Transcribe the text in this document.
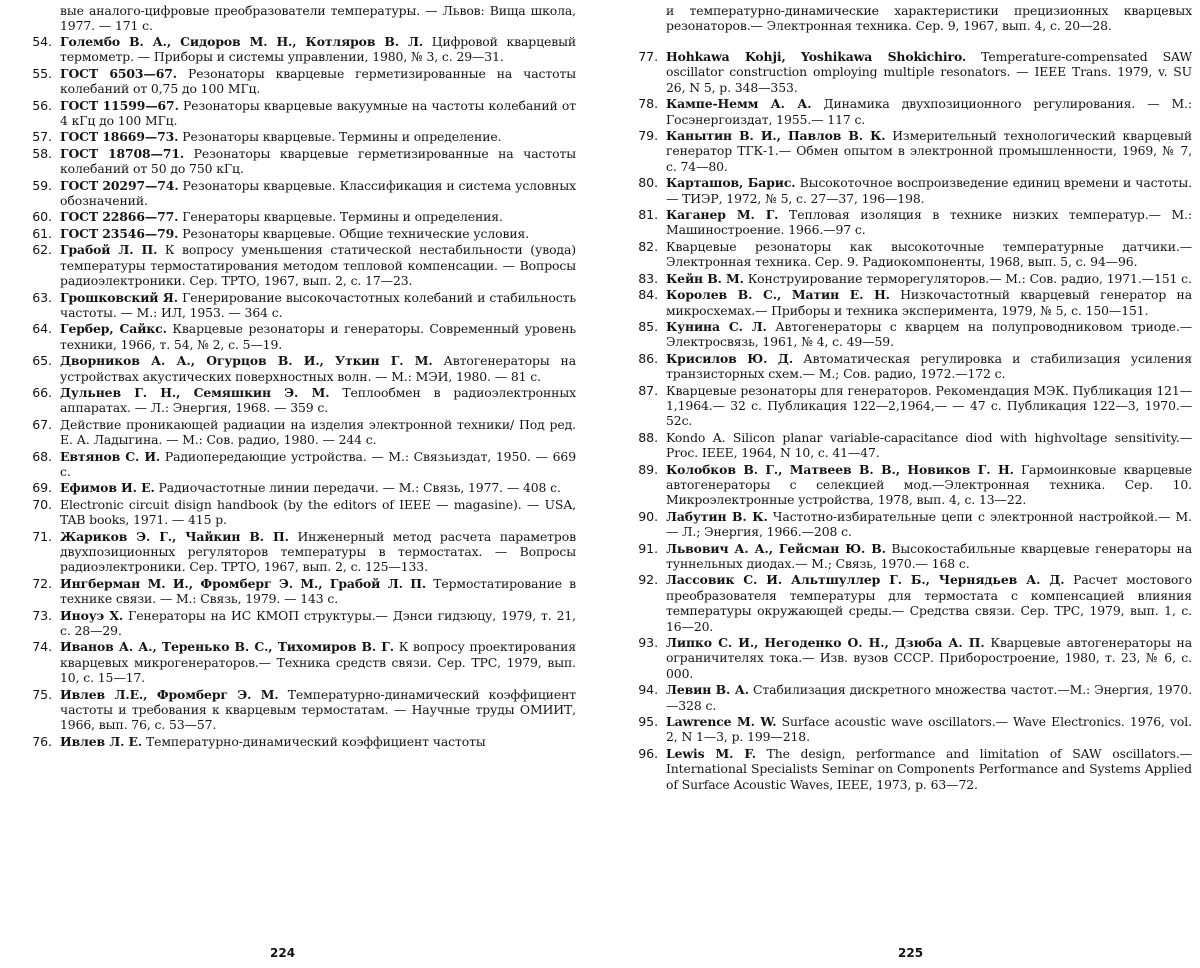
вые аналого-цифровые преобразователи температуры. — Львов: Вища школа, 1977. — 171 с.
54. Голембо В. А., Сидоров М. Н., Котляров В. Л. Цифровой кварцевый термометр. — Приборы и системы управлении, 1980, № 3, с. 29—31.
55. ГОСТ 6503—67. Резонаторы кварцевые герметизированные на частоты колебаний от 0,75 до 100 МГц.
56. ГОСТ 11599—67. Резонаторы кварцевые вакуумные на частоты колебаний от 4 кГц до 100 МГц.
57. ГОСТ 18669—73. Резонаторы кварцевые. Термины и определение.
58. ГОСТ 18708—71. Резонаторы кварцевые герметизированные на частоты колебаний от 50 до 750 кГц.
59. ГОСТ 20297—74. Резонаторы кварцевые. Классификация и система условных обозначений.
60. ГОСТ 22866—77. Генераторы кварцевые. Термины и определения.
61. ГОСТ 23546—79. Резонаторы кварцевые. Общие технические условия.
62. Грабой Л. П. К вопросу уменьшения статической нестабильности (увода) температуры термостатирования методом тепловой компенсации. — Вопросы радиоэлектроники. Сер. ТРТО, 1967, вып. 2, с. 17—23.
63. Грошковский Я. Генерирование высокочастотных колебаний и стабильность частоты. — М.: ИЛ, 1953. — 364 с.
64. Гербер, Сайкс. Кварцевые резонаторы и генераторы. Современный уровень техники, 1966, т. 54, № 2, с. 5—19.
65. Дворников А. А., Огурцов В. И., Уткин Г. М. Автогенераторы на устройствах акустических поверхностных волн. — М.: МЭИ, 1980. — 81 с.
66. Дульнев Г. Н., Семяшкин Э. М. Теплообмен в радиоэлектронных аппаратах. — Л.: Энергия, 1968. — 359 с.
67. Действие проникающей радиации на изделия электронной техники/ Под ред. Е. А. Ладыгина. — М.: Сов. радио, 1980. — 244 с.
68. Евтянов С. И. Радиопередающие устройства. — М.: Связьиздат, 1950. — 669 с.
69. Ефимов И. Е. Радиочастотные линии передачи. — М.: Связь, 1977. — 408 с.
70. Electronic circuit disign handbook (by the editors of IEEE — magasine). — USA, TAB books, 1971. — 415 p.
71. Жариков Э. Г., Чайкин В. П. Инженерный метод расчета параметров двухпозиционных регуляторов температуры в термостатах. — Вопросы радиоэлектроники. Сер. ТРТО, 1967, вып. 2, с. 125—133.
72. Ингберман М. И., Фромберг Э. М., Грабой Л. П. Термостатирование в технике связи. — М.: Связь, 1979. — 143 с.
73. Иноуэ Х. Генераторы на ИС КМОП структуры.— Дэнси гидзюцу, 1979, т. 21, с. 28—29.
74. Иванов А. А., Теренько В. С., Тихомиров В. Г. К вопросу проектирования кварцевых микрогенераторов.— Техника средств связи. Сер. ТРС, 1979, вып. 10, с. 15—17.
75. Ивлев Л.Е., Фромберг Э. М. Температурно-динамический коэффициент частоты и требования к кварцевым термостатам. — Научные труды ОМИИТ, 1966, вып. 76, с. 53—57.
76. Ивлев Л. Е. Температурно-динамический коэффициент частоты
224
и температурно-динамические характеристики прецизионных кварцевых резонаторов.— Электронная техника. Сер. 9, 1967, вып. 4, с. 20—28.
77. Hohkawa Kohji, Yoshikawa Shokichiro. Temperature-compensated SAW oscillator construction omploying multiple resonators. — IEEE Trans. 1979, v. SU 26, N 5, p. 348—353.
78. Кампе-Немм А. А. Динамика двухпозиционного регулирования. — М.: Госэнергоиздат, 1955.— 117 с.
79. Канытин В. И., Павлов В. К. Измерительный технологический кварцевый генератор ТГК-1.— Обмен опытом в электронной промышленности, 1969, № 7, с. 74—80.
80. Карташов, Барис. Высокоточное воспроизведение единиц времени и частоты.— ТИЭР, 1972, № 5, с. 27—37, 196—198.
81. Каганер М. Г. Тепловая изоляция в технике низких температур.— М.: Машиностроение. 1966.—97 с.
82. Кварцевые резонаторы как высокоточные температурные датчики.—Электронная техника. Сер. 9. Радиокомпоненты, 1968, вып. 5, с. 94—96.
83. Кейн В. М. Конструирование терморегуляторов.— М.: Сов. радио, 1971.—151 с.
84. Королев В. С., Матин Е. Н. Низкочастотный кварцевый генератор на микросхемах.— Приборы и техника эксперимента, 1979, № 5, с. 150—151.
85. Кунина С. Л. Автогенераторы с кварцем на полупроводниковом триоде.— Электросвязь, 1961, № 4, с. 49—59.
86. Крисилов Ю. Д. Автоматическая регулировка и стабилизация усиления транзисторных схем.— М.; Сов. радио, 1972.—172 с.
87. Кварцевые резонаторы для генераторов. Рекомендация МЭК. Публикация 121—1,1964.— 32 с. Публикация 122—2,1964,— — 47 с. Публикация 122—3, 1970.—52с.
88. Kondo A. Silicon planar variable-capacitance diod with highvoltage sensitivity.— Proc. IEEE, 1964, N 10, с. 41—47.
89. Колобков В. Г., Матвеев В. В., Новиков Г. Н. Гармоинковые кварцевые автогенераторы с селекцией мод.—Электронная техника. Сер. 10. Микроэлектронные устройства, 1978, вып. 4, с. 13—22.
90. Лабутин В. К. Частотно-избирательные цепи с электронной настройкой.— М.— Л.; Энергия, 1966.—208 с.
91. Львович А. А., Гейсман Ю. В. Высокостабильные кварцевые генераторы на туннельных диодах.— М.; Связь, 1970.— 168 с.
92. Лассовик С. И. Альтшуллер Г. Б., Чернядьев А. Д. Расчет мостового преобразователя температуры для термостата с компенсацией влияния температуры окружающей среды.— Средства связи. Сер. ТРС, 1979, вып. 1, с. 16—20.
93. Липко С. И., Негоденко О. Н., Дзюба А. П. Кварцевые автогенераторы на ограничителях тока.— Изв. вузов СССР. Приборостроение, 1980, т. 23, № 6, с. 000.
94. Левин В. А. Стабилизация дискретного множества частот.—М.: Энергия, 1970.—328 с.
95. Lawrence M. W. Surface acoustic wave oscillators.— Wave Electronics. 1976, vol. 2, N 1—3, p. 199—218.
96. Lewis M. F. The design, performance and limitation of SAW oscillators.— International Specialists Seminar on Components Performance and Systems Applied of Surface Acoustic Waves, IEEE, 1973, p. 63—72.
225
